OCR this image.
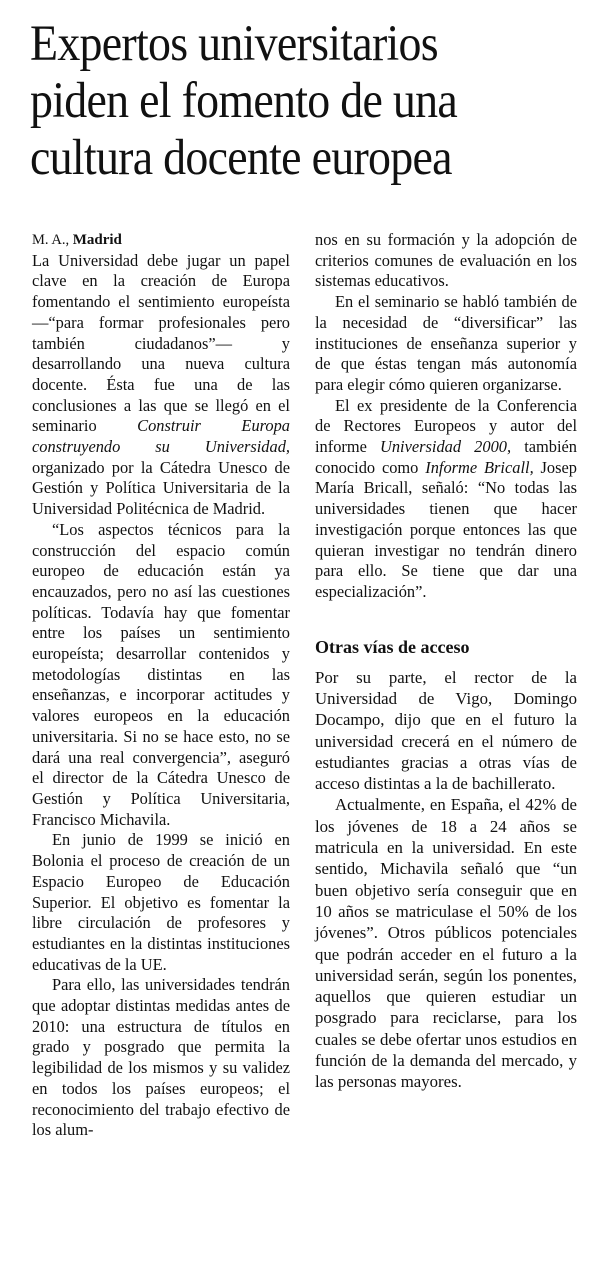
Expertos universitarios
piden el fomento de una
cultura docente europea

M. A., Madrid

La Universidad debe jugar un papel clave en la creación de Europa fomentando el sentimiento europeísta —“para formar profesionales pero también ciudadanos”— y desarrollando una nueva cultura docente. Ésta fue una de las conclusiones a las que se llegó en el seminario Construir Europa construyendo su Universidad, organizado por la Cátedra Unesco de Gestión y Política Universitaria de la Universidad Politécnica de Madrid.

“Los aspectos técnicos para la construcción del espacio común europeo de educación están ya encauzados, pero no así las cuestiones políticas. Todavía hay que fomentar entre los países un sentimiento europeísta; desarrollar contenidos y metodologías distintas en las enseñanzas, e incorporar actitudes y valores europeos en la educación universitaria. Si no se hace esto, no se dará una real convergencia”, aseguró el director de la Cátedra Unesco de Gestión y Política Universitaria, Francisco Michavila.

En junio de 1999 se inició en Bolonia el proceso de creación de un Espacio Europeo de Educación Superior. El objetivo es fomentar la libre circulación de profesores y estudiantes en la distintas instituciones educativas de la UE.

Para ello, las universidades tendrán que adoptar distintas medidas antes de 2010: una estructura de títulos en grado y posgrado que permita la legibilidad de los mismos y su validez en todos los países europeos; el reconocimiento del trabajo efectivo de los alum-

nos en su formación y la adopción de criterios comunes de evaluación en los sistemas educativos.

En el seminario se habló también de la necesidad de “diversificar” las instituciones de enseñanza superior y de que éstas tengan más autonomía para elegir cómo quieren organizarse.

El ex presidente de la Conferencia de Rectores Europeos y autor del informe Universidad 2000, también conocido como Informe Bricall, Josep María Bricall, señaló: “No todas las universidades tienen que hacer investigación porque entonces las que quieran investigar no tendrán dinero para ello. Se tiene que dar una especialización”.

Otras vías de acceso

Por su parte, el rector de la Universidad de Vigo, Domingo Docampo, dijo que en el futuro la universidad crecerá en el número de estudiantes gracias a otras vías de acceso distintas a la de bachillerato.

Actualmente, en España, el 42% de los jóvenes de 18 a 24 años se matricula en la universidad. En este sentido, Michavila señaló que “un buen objetivo sería conseguir que en 10 años se matriculase el 50% de los jóvenes”. Otros públicos potenciales que podrán acceder en el futuro a la universidad serán, según los ponentes, aquellos que quieren estudiar un posgrado para reciclarse, para los cuales se debe ofertar unos estudios en función de la demanda del mercado, y las personas mayores.
